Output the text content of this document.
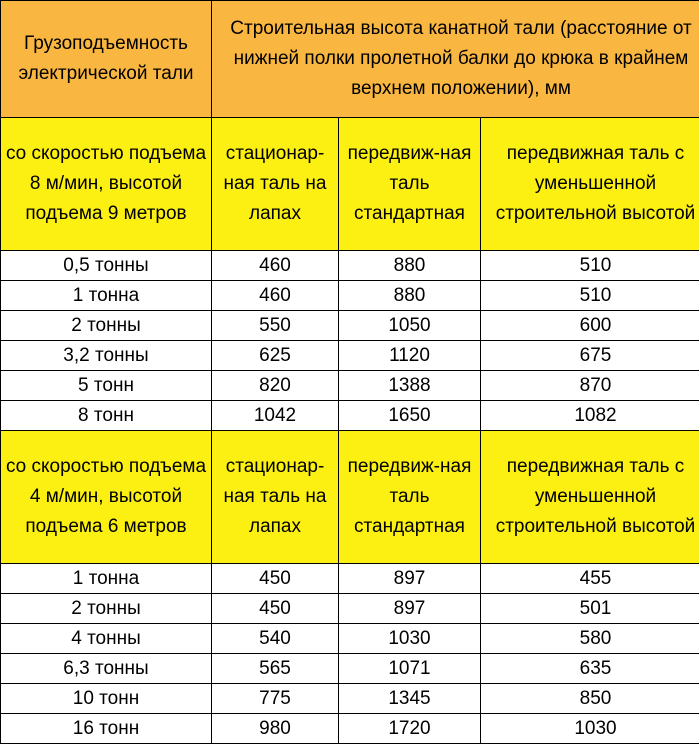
Грузоподъемность электрической тали	Строительная высота канатной тали (расстояние от нижней полки пролетной балки до крюка в крайнем верхнем положении), мм		
со скоростью подъема 8 м/мин, высотой подъема 9 метров	стационар-ная таль на лапах	передвиж-ная таль стандартная	передвижная таль с уменьшенной строительной высотой
0,5 тонны	460	880	510
1 тонна	460	880	510
2 тонны	550	1050	600
3,2 тонны	625	1120	675
5 тонн	820	1388	870
8 тонн	1042	1650	1082
со скоростью подъема 4 м/мин, высотой подъема 6 метров	стационар-ная таль на лапах	передвиж-ная таль стандартная	передвижная таль с уменьшенной строительной высотой
1 тонна	450	897	455
2 тонны	450	897	501
4 тонны	540	1030	580
6,3 тонны	565	1071	635
10 тонн	775	1345	850
16 тонн	980	1720	1030
